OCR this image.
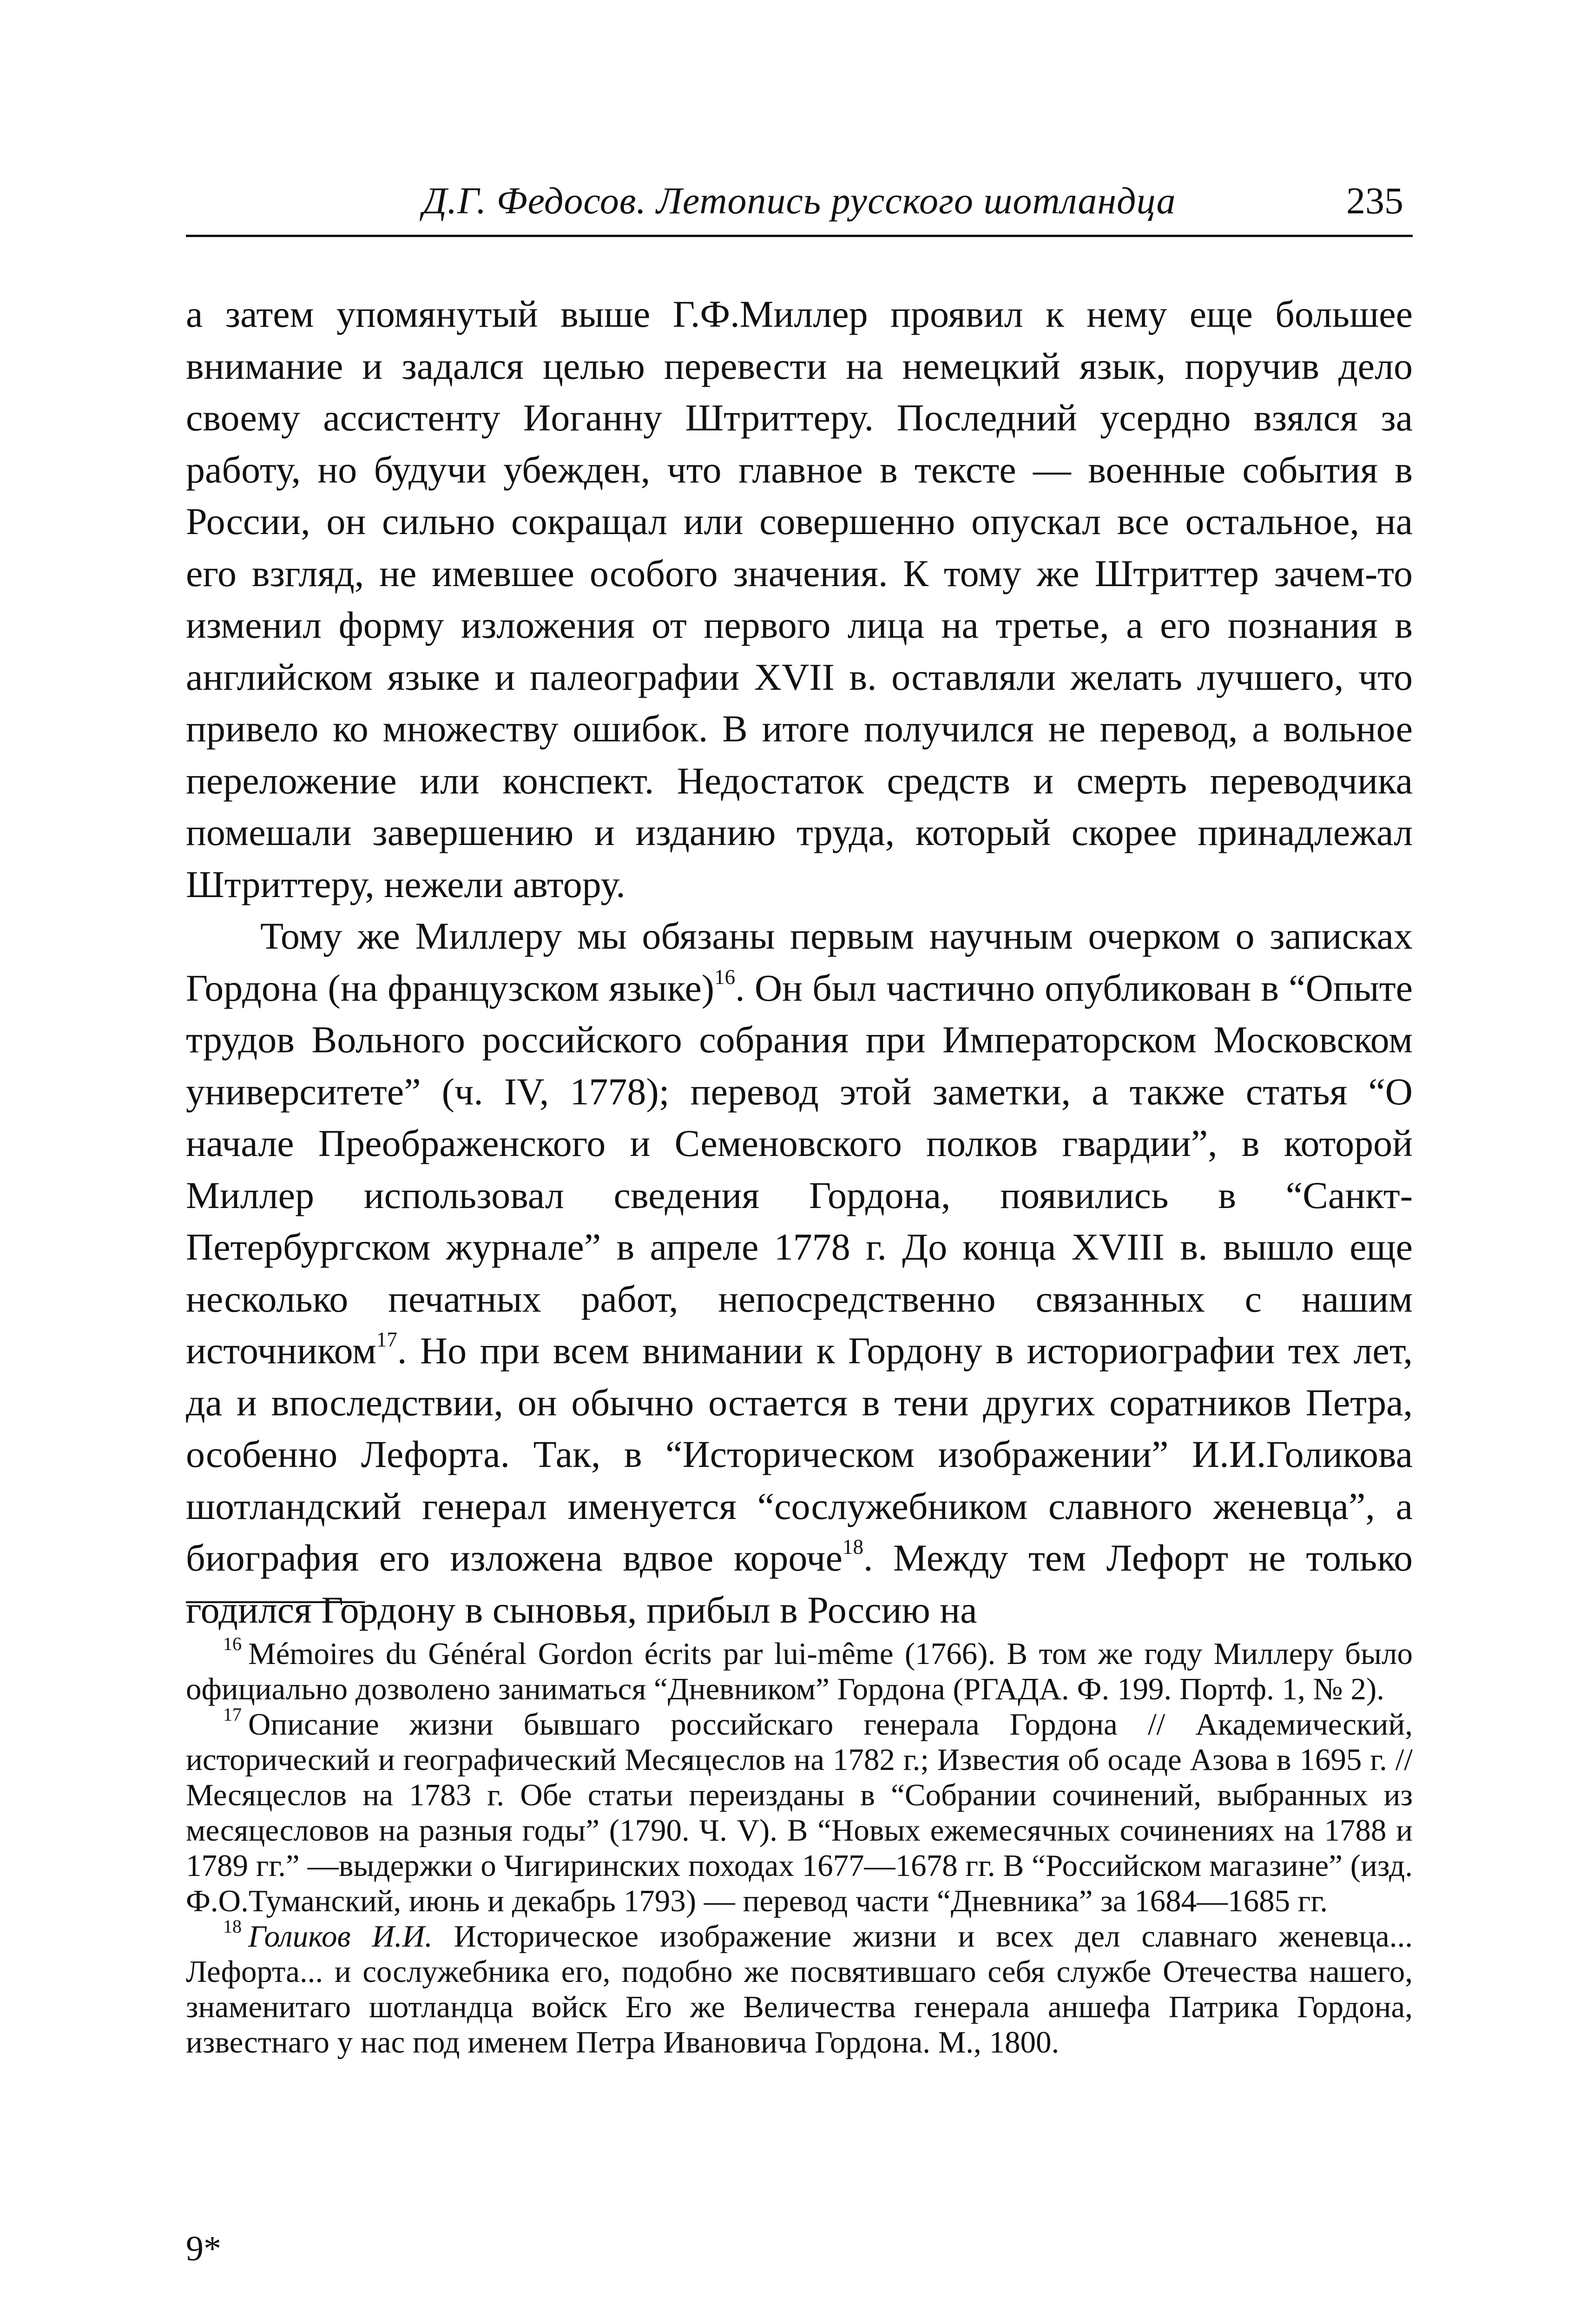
Д.Г. Федосов. Летопись русского шотландца	235

а затем упомянутый выше Г.Ф.Миллер проявил к нему еще большее внимание и задался целью перевести на немецкий язык, поручив дело своему ассистенту Иоганну Штриттеру. Последний усердно взялся за работу, но будучи убежден, что главное в тексте — военные события в России, он сильно сокращал или совершенно опускал все остальное, на его взгляд, не имевшее особого значения. К тому же Штриттер зачем-то изменил форму изложения от первого лица на третье, а его познания в английском языке и палеографии XVII в. оставляли желать лучшего, что привело ко множеству ошибок. В итоге получился не перевод, а вольное переложение или конспект. Недостаток средств и смерть переводчика помешали завершению и изданию труда, который скорее принадлежал Штриттеру, нежели автору.

Тому же Миллеру мы обязаны первым научным очерком о записках Гордона (на французском языке)$^{16}$. Он был частично опубликован в “Опыте трудов Вольного российского собрания при Императорском Московском университете” (ч. IV, 1778); перевод этой заметки, а также статья “О начале Преображенского и Семеновского полков гвардии”, в которой Миллер использовал сведения Гордона, появились в “Санкт-Петербургском журнале” в апреле 1778 г. До конца XVIII в. вышло еще несколько печатных работ, непосредственно связанных с нашим источником$^{17}$. Но при всем внимании к Гордону в историографии тех лет, да и впоследствии, он обычно остается в тени других соратников Петра, особенно Лефорта. Так, в “Историческом изображении” И.И.Голикова шотландский генерал именуется “сослужебником славного женевца”, а биография его изложена вдвое короче$^{18}$. Между тем Лефорт не только годился Гордону в сыновья, прибыл в Россию на

$^{16}$ Mémoires du Général Gordon écrits par lui-même (1766). В том же году Миллеру было официально дозволено заниматься “Дневником” Гордона (РГАДА. Ф. 199. Портф. 1, № 2).

$^{17}$ Описание жизни бывшаго российскаго генерала Гордона // Академический, исторический и географический Месяцеслов на 1782 г.; Известия об осаде Азова в 1695 г. // Месяцеслов на 1783 г. Обе статьи переизданы в “Собрании сочинений, выбранных из месяцесловов на разныя годы” (1790. Ч. V). В “Новых ежемесячных сочинениях на 1788 и 1789 гг.” —выдержки о Чигиринских походах 1677—1678 гг. В “Российском магазине” (изд. Ф.О.Туманский, июнь и декабрь 1793) — перевод части “Дневника” за 1684—1685 гг.

$^{18}$ Голиков И.И. Историческое изображение жизни и всех дел славнаго женевца... Лефорта... и сослужебника его, подобно же посвятившаго себя службе Отечества нашего, знаменитаго шотландца войск Его же Величества генерала аншефа Патрика Гордона, известнаго у нас под именем Петра Ивановича Гордона. М., 1800.

9*
